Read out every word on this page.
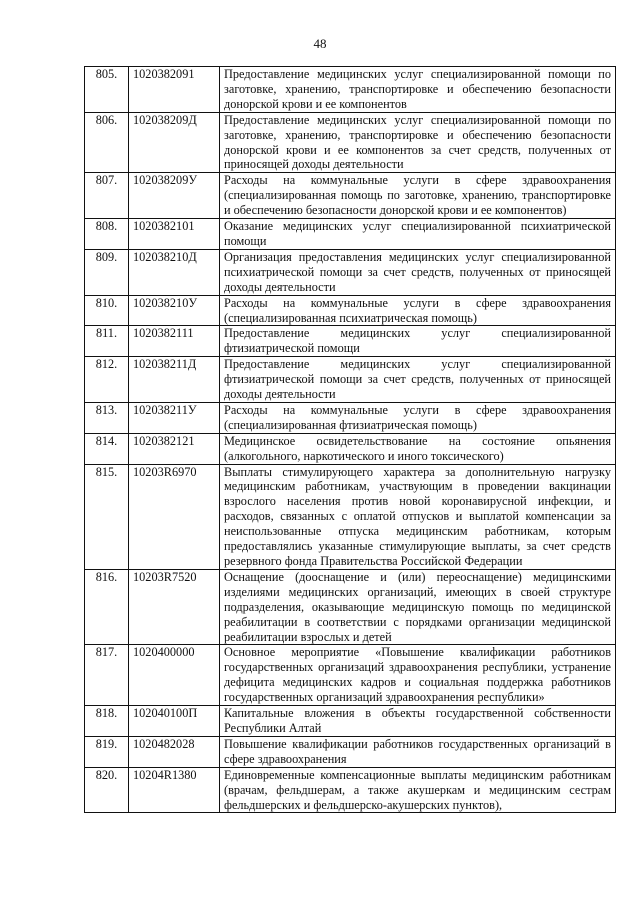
48
805.	1020382091	Предоставление медицинских услуг специализированной помощи по заготовке, хранению, транспортировке и обеспечению безопасности донорской крови и ее компонентов
806.	102038209Д	Предоставление медицинских услуг специализированной помощи по заготовке, хранению, транспортировке и обеспечению безопасности донорской крови и ее компонентов за счет средств, полученных от приносящей доходы деятельности
807.	102038209У	Расходы на коммунальные услуги в сфере здравоохранения (специализированная помощь по заготовке, хранению, транспортировке и обеспечению безопасности донорской крови и ее компонентов)
808.	1020382101	Оказание медицинских услуг специализированной психиатрической помощи
809.	102038210Д	Организация предоставления медицинских услуг специализированной психиатрической помощи за счет средств, полученных от приносящей доходы деятельности
810.	102038210У	Расходы на коммунальные услуги в сфере здравоохранения (специализированная психиатрическая помощь)
811.	1020382111	Предоставление медицинских услуг специализированной фтизиатрической помощи
812.	102038211Д	Предоставление медицинских услуг специализированной фтизиатрической помощи за счет средств, полученных от приносящей доходы деятельности
813.	102038211У	Расходы на коммунальные услуги в сфере здравоохранения (специализированная фтизиатрическая помощь)
814.	1020382121	Медицинское освидетельствование на состояние опьянения (алкогольного, наркотического и иного токсического)
815.	10203R6970	Выплаты стимулирующего характера за дополнительную нагрузку медицинским работникам, участвующим в проведении вакцинации взрослого населения против новой коронавирусной инфекции, и расходов, связанных с оплатой отпусков и выплатой компенсации за неиспользованные отпуска медицинским работникам, которым предоставлялись указанные стимулирующие выплаты, за счет средств резервного фонда Правительства Российской Федерации
816.	10203R7520	Оснащение (дооснащение и (или) переоснащение) медицинскими изделиями медицинских организаций, имеющих в своей структуре подразделения, оказывающие медицинскую помощь по медицинской реабилитации в соответствии с порядками организации медицинской реабилитации взрослых и детей
817.	1020400000	Основное мероприятие «Повышение квалификации работников государственных организаций здравоохранения республики, устранение дефицита медицинских кадров и социальная поддержка работников государственных организаций здравоохранения республики»
818.	102040100П	Капитальные вложения в объекты государственной собственности Республики Алтай
819.	1020482028	Повышение квалификации работников государственных организаций в сфере здравоохранения
820.	10204R1380	Единовременные компенсационные выплаты медицинским работникам (врачам, фельдшерам, а также акушеркам и медицинским сестрам фельдшерских и фельдшерско-акушерских пунктов),
